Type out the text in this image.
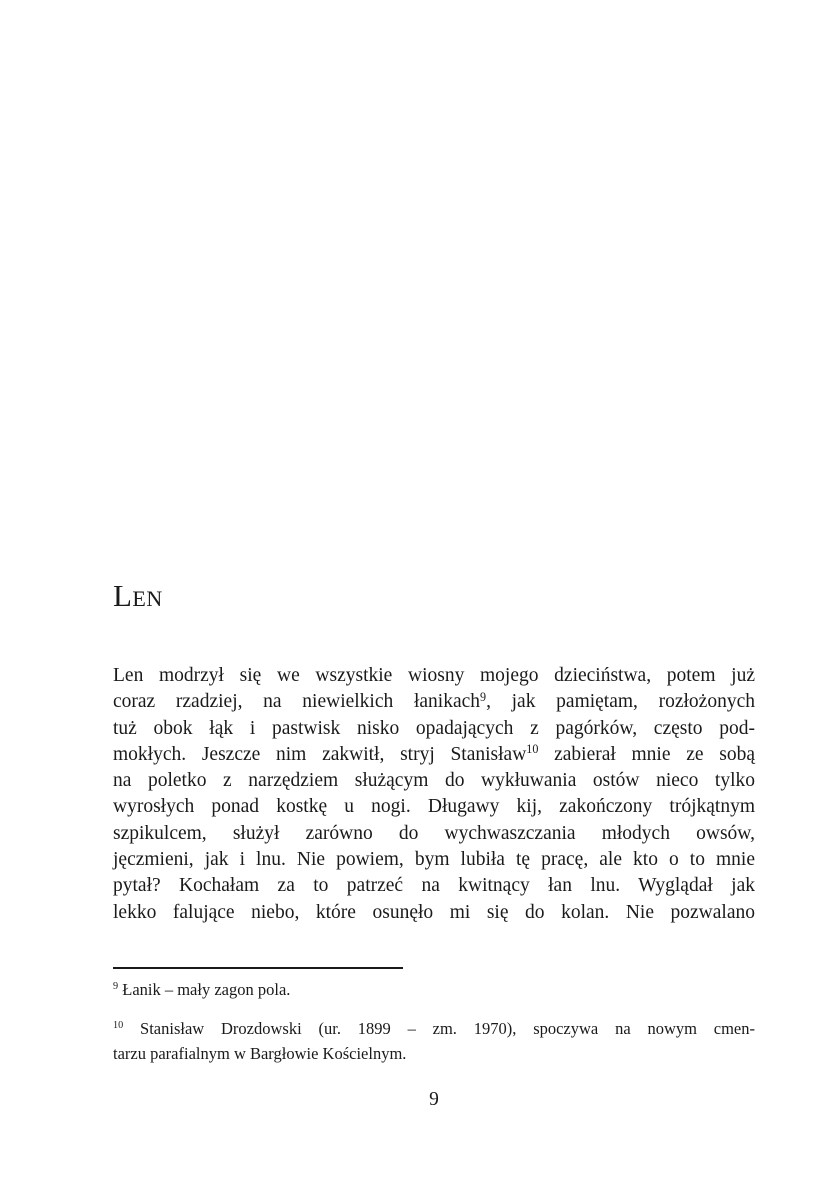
Len
Len modrzył się we wszystkie wiosny mojego dzieciństwa, potem już
coraz rzadziej, na niewielkich łanikach$^9$, jak pamiętam, rozłożonych
tuż obok łąk i pastwisk nisko opadających z pagórków, często pod-
mokłych. Jeszcze nim zakwitł, stryj Stanisław$^{10}$ zabierał mnie ze sobą
na poletko z narzędziem służącym do wykłuwania ostów nieco tylko
wyrosłych ponad kostkę u nogi. Długawy kij, zakończony trójkątnym
szpikulcem, służył zarówno do wychwaszczania młodych owsów,
jęczmieni, jak i lnu. Nie powiem, bym lubiła tę pracę, ale kto o to mnie
pytał? Kochałam za to patrzeć na kwitnący łan lnu. Wyglądał jak
lekko falujące niebo, które osunęło mi się do kolan. Nie pozwalano
$^9$ Łanik – mały zagon pola.
$^{10}$ Stanisław Drozdowski (ur. 1899 – zm. 1970), spoczywa na nowym cmen-
tarzu parafialnym w Bargłowie Kościelnym.
9
